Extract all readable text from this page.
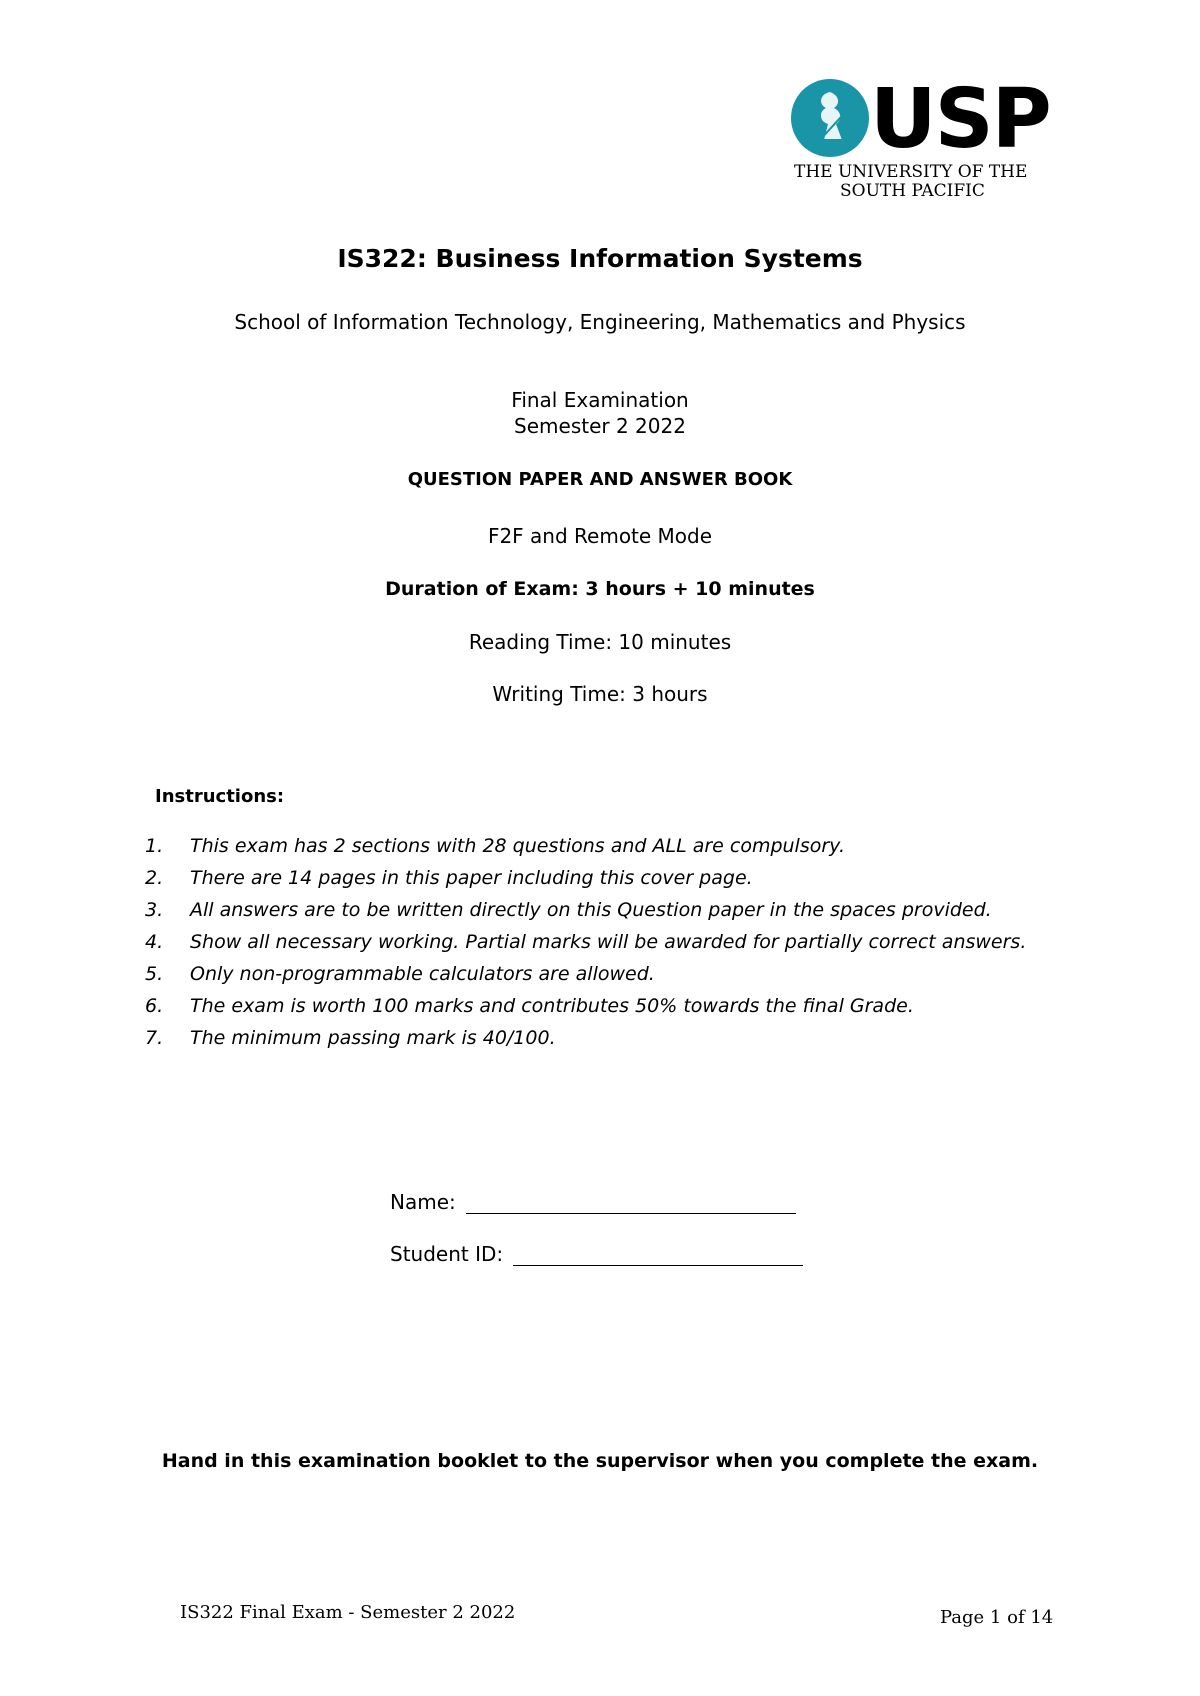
USP
THE UNIVERSITY OF THE
SOUTH PACIFIC
IS322: Business Information Systems
School of Information Technology, Engineering, Mathematics and Physics
Final Examination
Semester 2 2022
QUESTION PAPER AND ANSWER BOOK
F2F and Remote Mode
Duration of Exam: 3 hours + 10 minutes
Reading Time: 10 minutes
Writing Time: 3 hours
Instructions:
1.	This exam has 2 sections with 28 questions and ALL are compulsory.
2.	There are 14 pages in this paper including this cover page.
3.	All answers are to be written directly on this Question paper in the spaces provided.
4.	Show all necessary working. Partial marks will be awarded for partially correct answers.
5.	Only non-programmable calculators are allowed.
6.	The exam is worth 100 marks and contributes 50% towards the final Grade.
7.	The minimum passing mark is 40/100.
Name:
Student ID:
Hand in this examination booklet to the supervisor when you complete the exam.
IS322 Final Exam - Semester 2 2022	Page 1 of 14
